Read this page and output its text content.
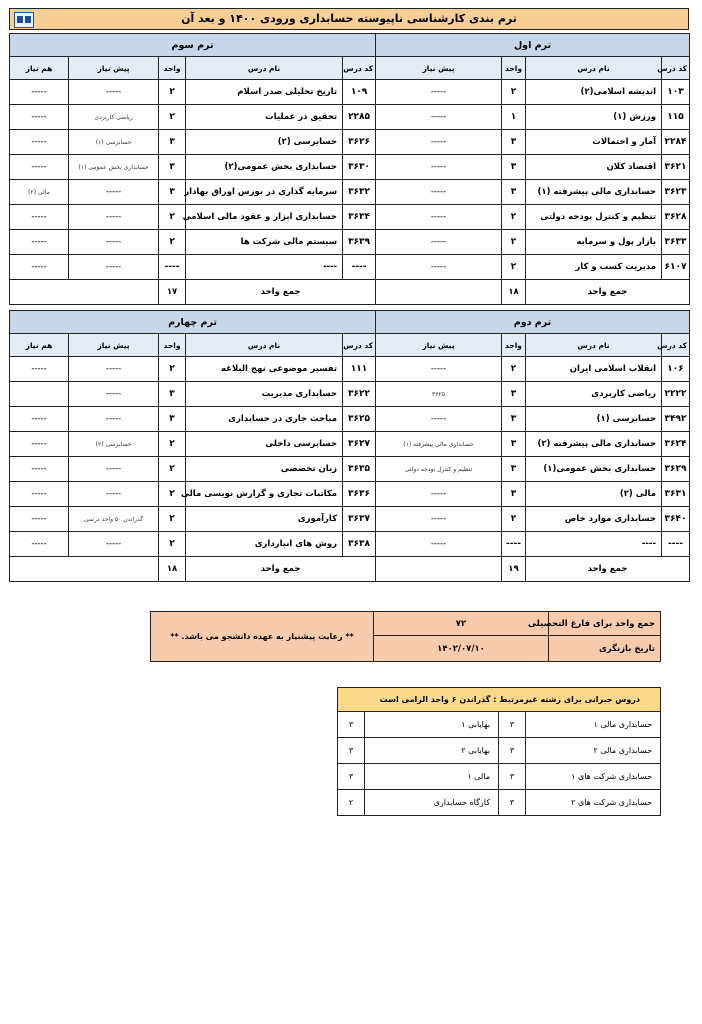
ترم بندی کارشناسی ناپیوسته حسابداری ورودی ۱۴۰۰ و بعد آن
ترم اول			
کد درس	نام درس	واحد	پیش نیاز
۱۰۳	اندیشه اسلامی(۲)	۲	-----
۱۱۵	ورزش (۱)	۱	-----
۲۲۸۴	آمار و احتمالات	۳	-----
۳۶۲۱	اقتصاد کلان	۳	-----
۳۶۲۳	حسابداری مالی پیشرفته (۱)	۳	-----
۳۶۲۸	تنظیم و کنترل بودجه دولتی	۲	-----
۳۶۳۳	بازار پول و سرمایه	۲	-----
۶۱۰۷	مدیریت کسب و کار	۲	-----
جمع واحد		۱۸	
ترم سوم				
کد درس	نام درس	واحد	پیش نیاز	هم نیاز
۱۰۹	تاریخ تحلیلی صدر اسلام	۲	-----	-----
۲۲۸۵	تحقیق در عملیات	۲	ریاضی کاربردی	-----
۳۶۲۶	حسابرسی (۲)	۳	حسابرسی (۱)	-----
۳۶۳۰	حسابداری بخش عمومی(۲)	۳	حسابداری بخش عمومی (۱)	-----
۳۶۳۲	سرمایه گذاری در بورس اوراق بهادار	۳	-----	مالی (۲)
۳۶۳۴	حسابداری ابزار و عقود مالی اسلامی	۲	-----	-----
۳۶۳۹	سیستم مالی شرکت ها	۲	-----	-----
----	----	----	-----	-----
جمع واحد		۱۷		
ترم دوم			
کد درس	نام درس	واحد	پیش نیاز
۱۰۶	انقلاب اسلامی ایران	۲	-----
۲۲۲۲	ریاضی کاربردی	۳	۳۶۲۵
۳۴۹۲	حسابرسی (۱)	۳	-----
۳۶۲۴	حسابداری مالی پیشرفته (۲)	۳	حسابداری مالی پیشرفته (۱)
۳۶۲۹	حسابداری بخش عمومی(۱)	۳	تنظیم و کنترل بودجه دولتی
۳۶۳۱	مالی (۲)	۳	-----
۳۶۴۰	حسابداری موارد خاص	۲	-----
----	----	----	-----
جمع واحد		۱۹	
ترم چهارم				
کد درس	نام درس	واحد	پیش نیاز	هم نیاز
۱۱۱	تفسیر موضوعی نهج البلاغه	۲	-----	-----
۳۶۲۲	حسابداری مدیریت	۳	-----	
۳۶۲۵	مباحث جاری در حسابداری	۳	-----	-----
۳۶۲۷	حسابرسی داخلی	۲	حسابرسی (۲)	-----
۳۶۳۵	زبان تخصصی	۲	-----	-----
۳۶۳۶	مکاتبات تجاری و گزارش نویسی مالی	۲	-----	-----
۳۶۳۷	کارآموزی	۲	گذراندن ۵۰ واحد درسی	-----
۳۶۳۸	روش های انبارداری	۲	-----	-----
جمع واحد		۱۸		
جمع واحد برای فارغ التحصیلی	۷۲	** رعایت پیشنیاز به عهده دانشجو می باشد. **
تاریخ بازنگری	۱۴۰۲/۰۷/۱۰	
دروس جبرانی برای رشته غیرمرتبط : گذراندن ۶ واحد الزامی است			
حسابداری مالی ۱	۳	بهایابی ۱	۳
حسابداری مالی ۲	۳	بهایابی ۲	۳
حسابداری شرکت های ۱	۳	مالی ۱	۳
حسابداری شرکت های ۲	۳	کارگاه حسابداری	۲
